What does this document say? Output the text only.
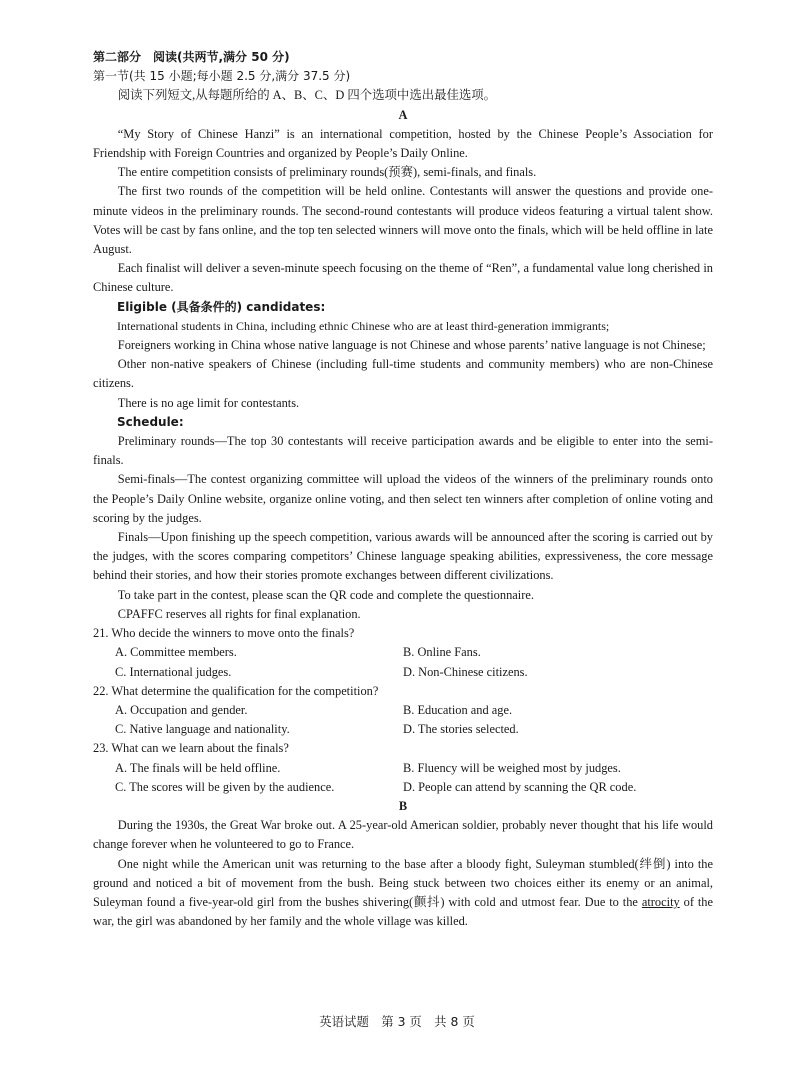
第二部分　阅读(共两节,满分 50 分)
第一节(共 15 小题;每小题 2.5 分,满分 37.5 分)

阅读下列短文,从每题所给的 A、B、C、D 四个选项中选出最佳选项。

A

“My Story of Chinese Hanzi” is an international competition, hosted by the Chinese People’s Association for Friendship with Foreign Countries and organized by People’s Daily Online.

The entire competition consists of preliminary rounds(预赛), semi-finals, and finals.

The first two rounds of the competition will be held online. Contestants will answer the questions and provide one-minute videos in the preliminary rounds. The second-round contestants will produce videos featuring a virtual talent show. Votes will be cast by fans online, and the top ten selected winners will move onto the finals, which will be held offline in late August.

Each finalist will deliver a seven-minute speech focusing on the theme of “Ren”, a fundamental value long cherished in Chinese culture.

Eligible (具备条件的) candidates:

International students in China, including ethnic Chinese who are at least third-generation immigrants;

Foreigners working in China whose native language is not Chinese and whose parents’ native language is not Chinese;

Other non-native speakers of Chinese (including full-time students and community members) who are non-Chinese citizens.

There is no age limit for contestants.

Schedule:

Preliminary rounds—The top 30 contestants will receive participation awards and be eligible to enter into the semi-finals.

Semi-finals—The contest organizing committee will upload the videos of the winners of the preliminary rounds onto the People’s Daily Online website, organize online voting, and then select ten winners after completion of online voting and scoring by the judges.

Finals—Upon finishing up the speech competition, various awards will be announced after the scoring is carried out by the judges, with the scores comparing competitors’ Chinese language speaking abilities, expressiveness, the core message behind their stories, and how their stories promote exchanges between different civilizations.

To take part in the contest, please scan the QR code and complete the questionnaire.

CPAFFC reserves all rights for final explanation.

21. Who decide the winners to move onto the finals?

A. Committee members.	B. Online Fans.
C. International judges.	D. Non-Chinese citizens.

22. What determine the qualification for the competition?

A. Occupation and gender.	B. Education and age.
C. Native language and nationality.	D. The stories selected.

23. What can we learn about the finals?

A. The finals will be held offline.	B. Fluency will be weighed most by judges.
C. The scores will be given by the audience.	D. People can attend by scanning the QR code.

B

During the 1930s, the Great War broke out. A 25-year-old American soldier, probably never thought that his life would change forever when he volunteered to go to France.

One night while the American unit was returning to the base after a bloody fight, Suleyman stumbled(绊倒) into the ground and noticed a bit of movement from the bush. Being stuck between two choices either its enemy or an animal, Suleyman found a five-year-old girl from the bushes shivering(颤抖) with cold and utmost fear. Due to the atrocity of the war, the girl was abandoned by her family and the whole village was killed.

英语试题　第 3 页　共 8 页
